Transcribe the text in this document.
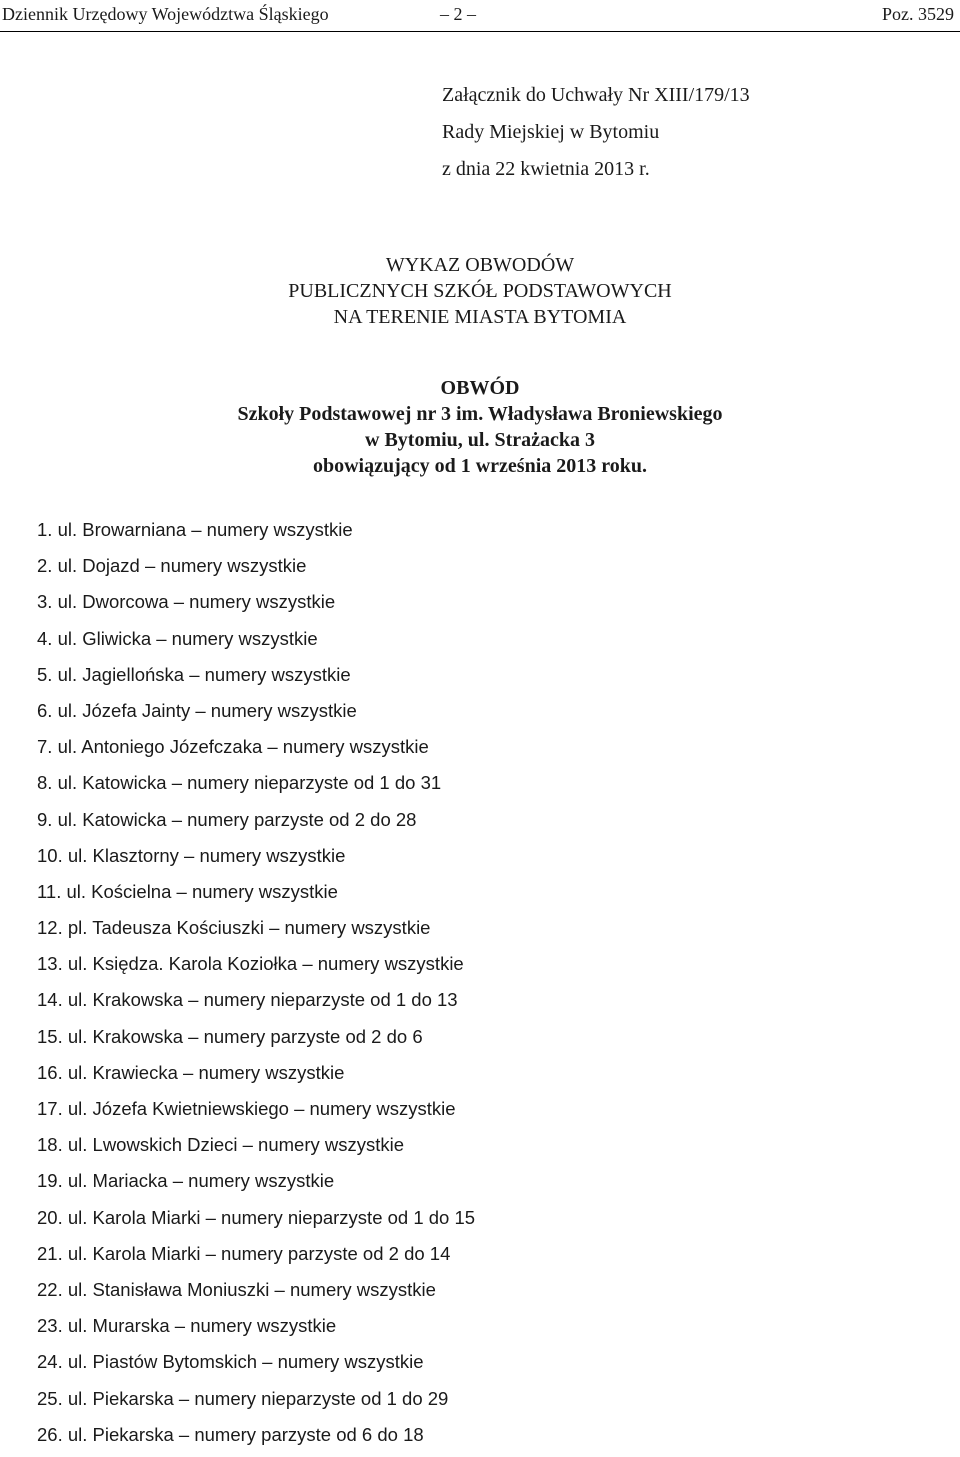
Dziennik Urzędowy Województwa Śląskiego	– 2 –	Poz. 3529
Załącznik do Uchwały Nr XIII/179/13
Rady Miejskiej w Bytomiu
z dnia 22 kwietnia 2013 r.
WYKAZ OBWODÓW
PUBLICZNYCH SZKÓŁ PODSTAWOWYCH
NA TERENIE MIASTA BYTOMIA
OBWÓD
Szkoły Podstawowej nr 3 im. Władysława Broniewskiego
w Bytomiu, ul. Strażacka 3
obowiązujący od 1 września 2013 roku.
1. ul. Browarniana – numery wszystkie
2. ul. Dojazd – numery wszystkie
3. ul. Dworcowa – numery wszystkie
4. ul. Gliwicka – numery wszystkie
5. ul. Jagiellońska – numery wszystkie
6. ul. Józefa Jainty – numery wszystkie
7. ul. Antoniego Józefczaka – numery wszystkie
8. ul. Katowicka – numery nieparzyste od 1 do 31
9. ul. Katowicka – numery parzyste od 2 do 28
10. ul. Klasztorny – numery wszystkie
11. ul. Kościelna – numery wszystkie
12. pl. Tadeusza Kościuszki – numery wszystkie
13. ul. Księdza. Karola Koziołka – numery wszystkie
14. ul. Krakowska – numery nieparzyste od 1 do 13
15. ul. Krakowska – numery parzyste od 2 do 6
16. ul. Krawiecka – numery wszystkie
17. ul. Józefa Kwietniewskiego – numery wszystkie
18. ul. Lwowskich Dzieci – numery wszystkie
19. ul. Mariacka – numery wszystkie
20. ul. Karola Miarki – numery nieparzyste od 1 do 15
21. ul. Karola Miarki – numery parzyste od 2 do 14
22. ul. Stanisława Moniuszki – numery wszystkie
23. ul. Murarska – numery wszystkie
24. ul. Piastów Bytomskich – numery wszystkie
25. ul. Piekarska – numery nieparzyste od 1 do 29
26. ul. Piekarska – numery parzyste od 6 do 18
